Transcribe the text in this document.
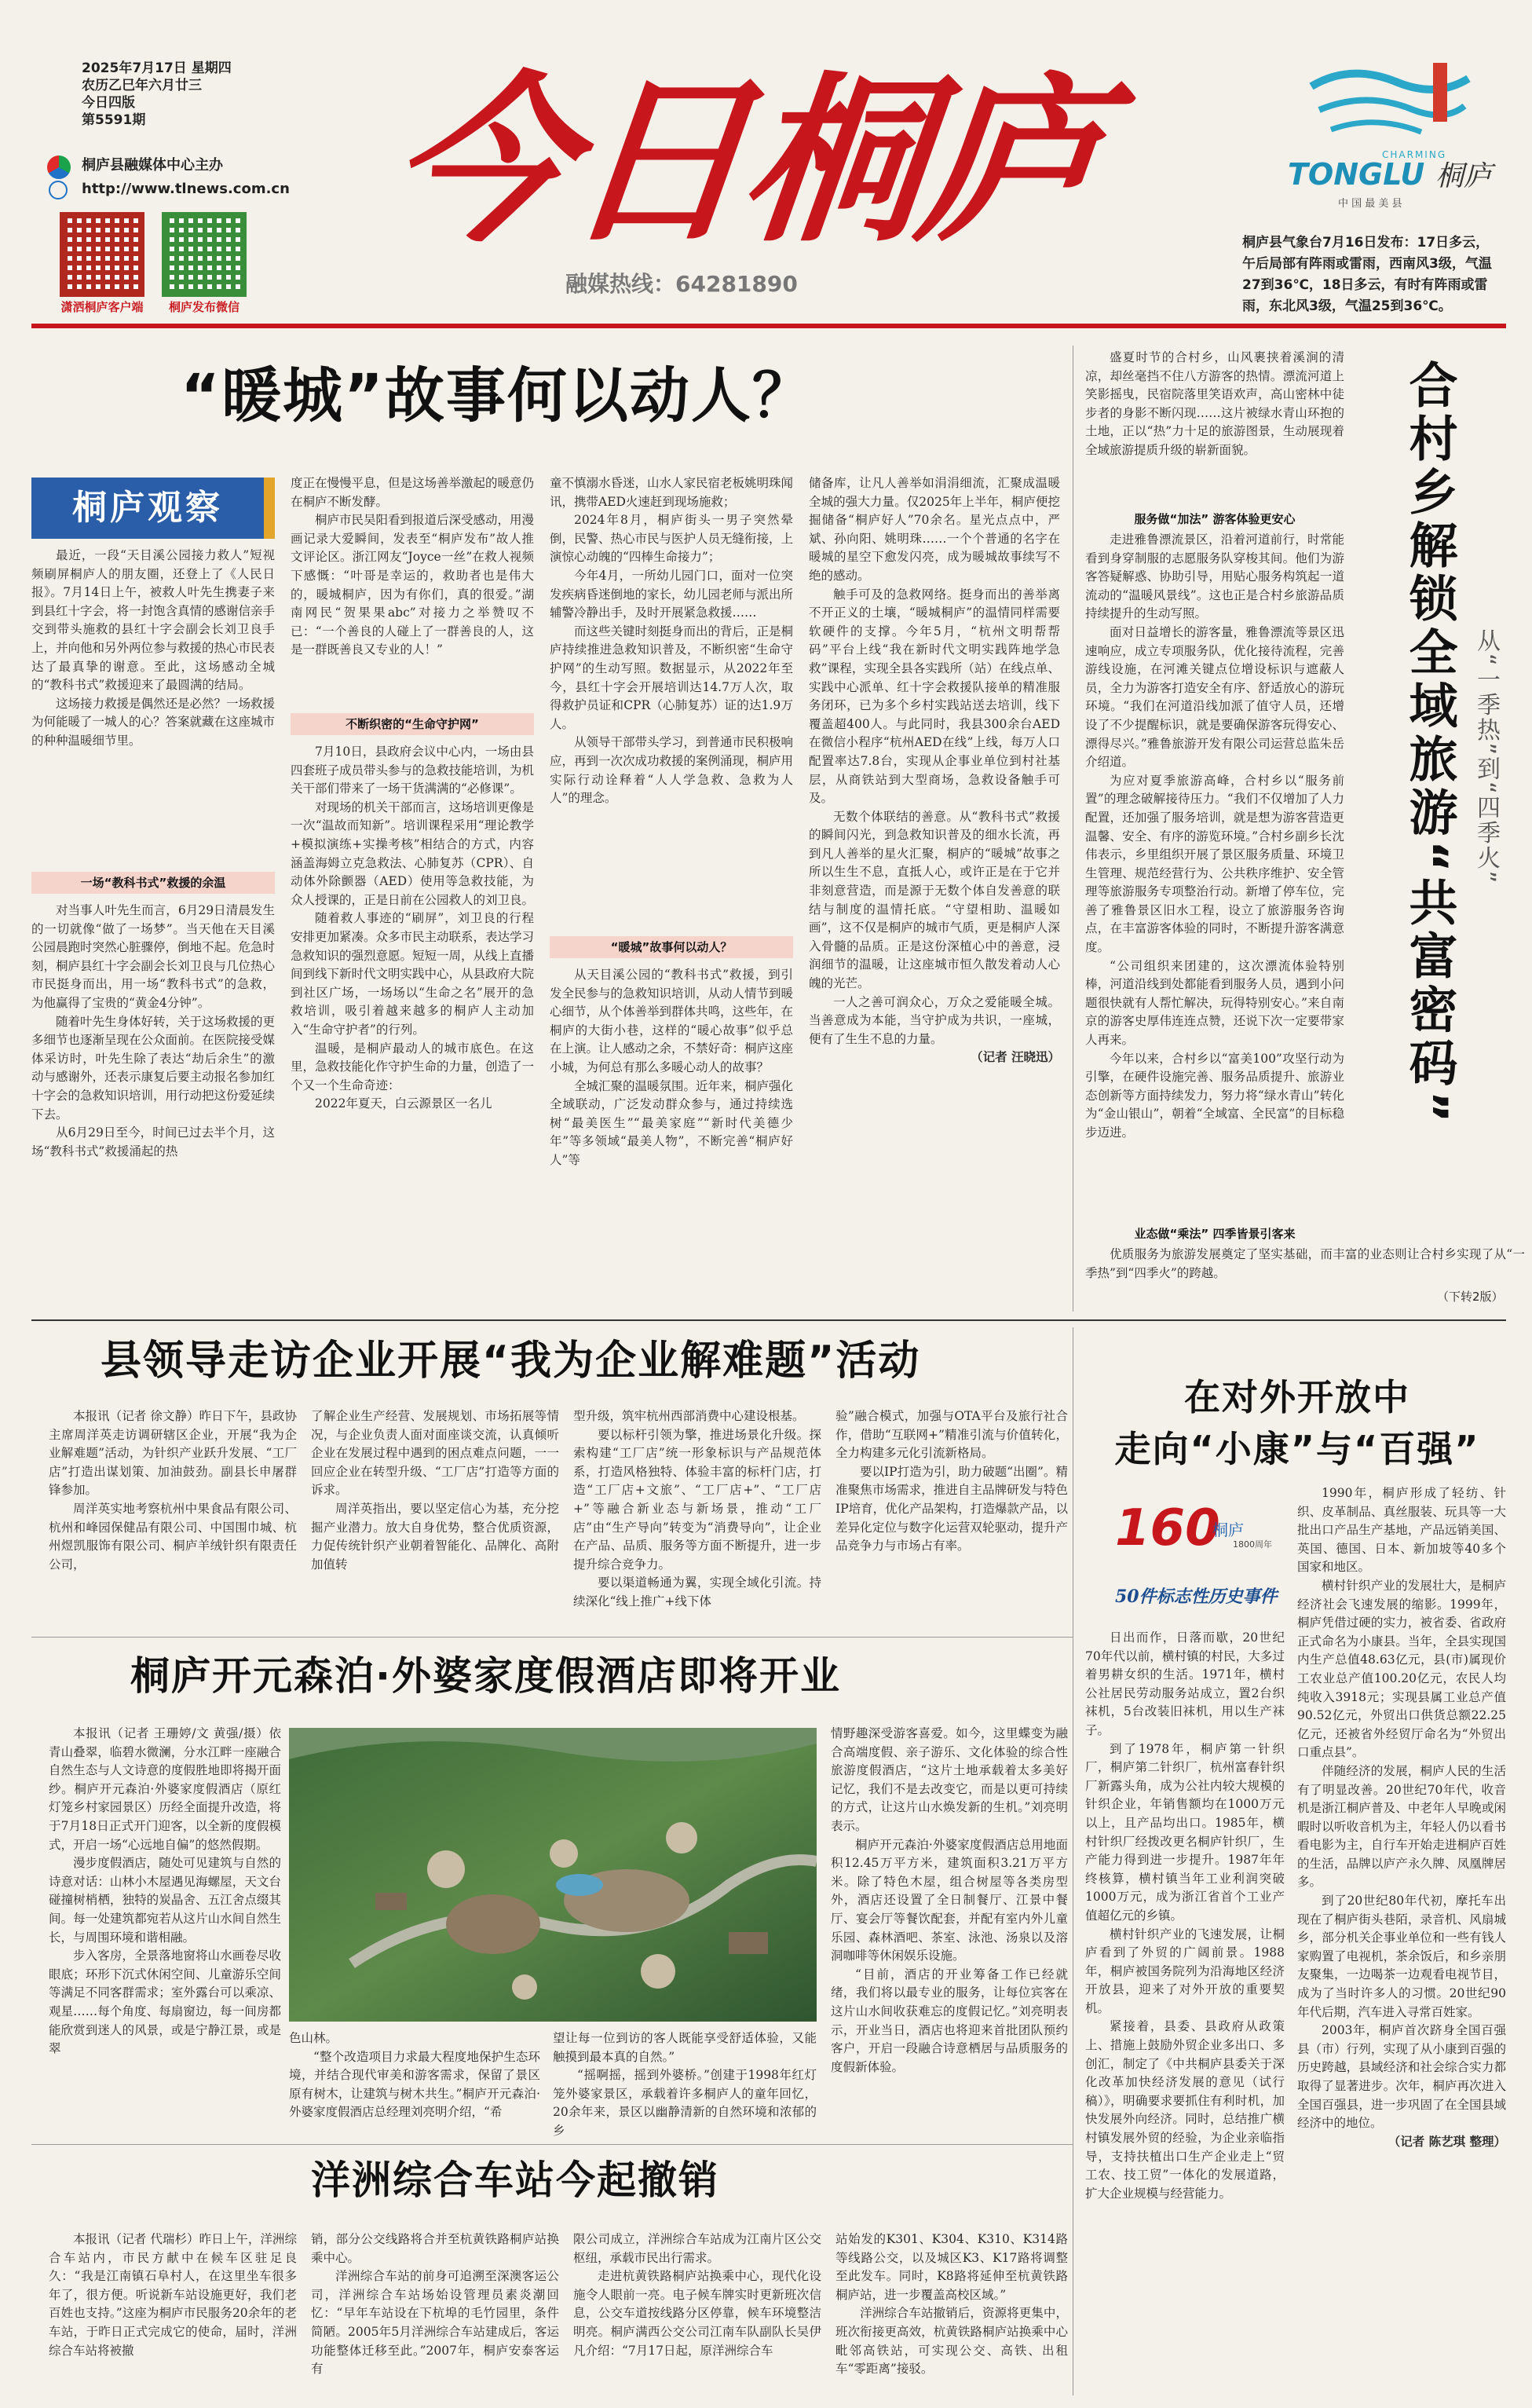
2025年7月17日 星期四
农历乙巳年六月廿三
今日四版
第5591期
桐庐县融媒体中心主办
http://www.tlnews.com.cn
潇洒桐庐客户端	桐庐发布微信
今日桐庐
融媒热线：64281890
CHARMING
TONGLU 桐庐
中 国 最 美 县
桐庐县气象台7月16日发布：17日多云，午后局部有阵雨或雷雨，西南风3级，气温27到36℃，18日多云，有时有阵雨或雷雨，东北风3级，气温25到36℃。
“暖城”故事何以动人？
桐庐观察

最近，一段“天目溪公园接力救人”短视频刷屏桐庐人的朋友圈，还登上了《人民日报》。7月14日上午，被救人叶先生携妻子来到县红十字会，将一封饱含真情的感谢信亲手交到带头施救的县红十字会副会长刘卫良手上，并向他和另外两位参与救援的热心市民表达了最真挚的谢意。至此，这场感动全城的“教科书式”救援迎来了最圆满的结局。

这场接力救援是偶然还是必然？一场救援为何能暖了一城人的心？答案就藏在这座城市的种种温暖细节里。

一场“教科书式”救援的余温

对当事人叶先生而言，6月29日清晨发生的一切就像“做了一场梦”。当天他在天目溪公园晨跑时突然心脏骤停，倒地不起。危急时刻，桐庐县红十字会副会长刘卫良与几位热心市民挺身而出，用一场“教科书式”的急救，为他赢得了宝贵的“黄金4分钟”。

随着叶先生身体好转，关于这场救援的更多细节也逐渐呈现在公众面前。在医院接受媒体采访时，叶先生除了表达“劫后余生”的激动与感谢外，还表示康复后要主动报名参加红十字会的急救知识培训，用行动把这份爱延续下去。

从6月29日至今，时间已过去半个月，这场“教科书式”救援涌起的热

度正在慢慢平息，但是这场善举激起的暖意仍在桐庐不断发酵。

桐庐市民吴阳看到报道后深受感动，用漫画记录大爱瞬间，发表至“桐庐发布”故人推文评论区。浙江网友“Joyce一丝”在救人视频下感慨：“叶哥是幸运的，救助者也是伟大的，暖城桐庐，因为有你们，真的很爱。”湖南网民“贺果果abc”对接力之举赞叹不已：“一个善良的人碰上了一群善良的人，这是一群既善良又专业的人！”

不断织密的“生命守护网”

7月10日，县政府会议中心内，一场由县四套班子成员带头参与的急救技能培训，为机关干部们带来了一场干货满满的“必修课”。

对现场的机关干部而言，这场培训更像是一次“温故而知新”。培训课程采用“理论教学+模拟演练+实操考核”相结合的方式，内容涵盖海姆立克急救法、心肺复苏（CPR）、自动体外除颤器（AED）使用等急救技能，为众人授课的，正是日前在公园救人的刘卫良。

随着救人事迹的“刷屏”，刘卫良的行程安排更加紧凑。众多市民主动联系，表达学习急救知识的强烈意愿。短短一周，从线上直播间到线下新时代文明实践中心，从县政府大院到社区广场，一场场以“生命之名”展开的急救培训，吸引着越来越多的桐庐人主动加入“生命守护者”的行列。

温暖，是桐庐最动人的城市底色。在这里，急救技能化作守护生命的力量，创造了一个又一个生命奇迹：

2022年夏天，白云源景区一名儿

童不慎溺水昏迷，山水人家民宿老板姚明珠闻讯，携带AED火速赶到现场施救；

2024年8月，桐庐街头一男子突然晕倒，民警、热心市民与医护人员无缝衔接，上演惊心动魄的“四棒生命接力”；

今年4月，一所幼儿园门口，面对一位突发疾病昏迷倒地的家长，幼儿园老师与派出所辅警冷静出手，及时开展紧急救援……

而这些关键时刻挺身而出的背后，正是桐庐持续推进急救知识普及，不断织密“生命守护网”的生动写照。数据显示，从2022年至今，县红十字会开展培训达14.7万人次，取得救护员证和CPR（心肺复苏）证的达1.9万人。

从领导干部带头学习，到普通市民积极响应，再到一次次成功救援的案例涌现，桐庐用实际行动诠释着“人人学急救、急救为人人”的理念。

“暖城”故事何以动人？

从天目溪公园的“教科书式”救援，到引发全民参与的急救知识培训，从动人情节到暖心细节，从个体善举到群体共鸣，这些年，在桐庐的大街小巷，这样的“暖心故事”似乎总在上演。让人感动之余，不禁好奇：桐庐这座小城，为何总有那么多暖心动人的故事？

全城汇聚的温暖氛围。近年来，桐庐强化全域联动，广泛发动群众参与，通过持续选树“最美医生”“最美家庭”“新时代美德少年”等多领域“最美人物”，不断完善“桐庐好人”等

储备库，让凡人善举如涓涓细流，汇聚成温暖全城的强大力量。仅2025年上半年，桐庐便挖掘储备“桐庐好人”70余名。星光点点中，严斌、孙向阳、姚明珠……一个个普通的名字在暖城的星空下愈发闪亮，成为暖城故事续写不绝的感动。

触手可及的急救网络。挺身而出的善举离不开正义的土壤，“暖城桐庐”的温情同样需要软硬件的支撑。今年5月，“杭州文明帮帮码”平台上线“我在新时代文明实践阵地学急救”课程，实现全县各实践所（站）在线点单、实践中心派单、红十字会救援队接单的精准服务闭环，已为多个乡村实践站送去培训，线下覆盖超400人。与此同时，我县300余台AED在微信小程序“杭州AED在线”上线，每万人口配置率达7.8台，实现从企事业单位到村社基层，从商铁站到大型商场，急救设备触手可及。

无数个体联结的善意。从“教科书式”救援的瞬间闪光，到急救知识普及的细水长流，再到凡人善举的星火汇聚，桐庐的“暖城”故事之所以生生不息，直抵人心，或许正是在于它并非刻意营造，而是源于无数个体自发善意的联结与制度的温情托底。“守望相助、温暖如画”，这不仅是桐庐的城市气质，更是桐庐人深入骨髓的品质。正是这份深植心中的善意，浸润细节的温暖，让这座城市恒久散发着动人心魄的光芒。

一人之善可润众心，万众之爱能暖全城。当善意成为本能，当守护成为共识，一座城，便有了生生不息的力量。

（记者 汪晓迅）

盛夏时节的合村乡，山风裹挟着溪涧的清凉，却丝毫挡不住八方游客的热情。漂流河道上笑影摇曳，民宿院落里笑语欢声，高山密林中徒步者的身影不断闪现……这片被绿水青山环抱的土地，正以“热”力十足的旅游图景，生动展现着全域旅游提质升级的崭新面貌。

服务做“加法” 游客体验更安心

走进雅鲁漂流景区，沿着河道前行，时常能看到身穿制服的志愿服务队穿梭其间。他们为游客答疑解惑、协助引导，用贴心服务构筑起一道流动的“温暖风景线”。这也正是合村乡旅游品质持续提升的生动写照。

面对日益增长的游客量，雅鲁漂流等景区迅速响应，成立专项服务队，优化接待流程，完善游线设施，在河滩关键点位增设标识与遮蔽人员，全力为游客打造安全有序、舒适放心的游玩环境。“我们在河道沿线加派了值守人员，还增设了不少提醒标识，就是要确保游客玩得安心、漂得尽兴。”雅鲁旅游开发有限公司运营总监朱岳介绍道。

为应对夏季旅游高峰，合村乡以“服务前置”的理念破解接待压力。“我们不仅增加了人力配置，还加强了服务培训，就是想为游客营造更温馨、安全、有序的游览环境。”合村乡副乡长沈伟表示，乡里组织开展了景区服务质量、环境卫生管理、规范经营行为、公共秩序维护、安全管理等旅游服务专项整治行动。新增了停车位，完善了雅鲁景区旧水工程，设立了旅游服务咨询点，在丰富游客体验的同时，不断提升游客满意度。

“公司组织来团建的，这次漂流体验特别棒，河道沿线到处都能看到服务人员，遇到小问题很快就有人帮忙解决，玩得特别安心。”来自南京的游客史厚伟连连点赞，还说下次一定要带家人再来。

今年以来，合村乡以“富美100”攻坚行动为引擎，在硬件设施完善、服务品质提升、旅游业态创新等方面持续发力，努力将“绿水青山”转化为“金山银山”，朝着“全域富、全民富”的目标稳步迈进。

业态做“乘法” 四季皆景引客来

优质服务为旅游发展奠定了坚实基础，而丰富的业态则让合村乡实现了从“一季热”到“四季火”的跨越。

（下转2版）
合村乡解锁全域旅游“共富密码” 从“一季热”到“四季火”
县领导走访企业开展“我为企业解难题”活动

本报讯（记者 徐文静）昨日下午，县政协主席周洋英走访调研辖区企业，开展“我为企业解难题”活动，为针织产业跃升发展、“工厂店”打造出谋划策、加油鼓劲。副县长申屠群锋参加。

周洋英实地考察杭州中果食品有限公司、杭州和峰园保健品有限公司、中国围巾城、杭州煜凯服饰有限公司、桐庐羊绒针织有限责任公司，

了解企业生产经营、发展规划、市场拓展等情况，与企业负责人面对面座谈交流，认真倾听企业在发展过程中遇到的困点难点问题，一一回应企业在转型升级、“工厂店”打造等方面的诉求。

周洋英指出，要以坚定信心为基，充分挖掘产业潜力。放大自身优势，整合优质资源，力促传统针织产业朝着智能化、品牌化、高附加值转

型升级，筑牢杭州西部消费中心建设根基。

要以标杆引领为擎，推进场景化升级。探索构建“工厂店”统一形象标识与产品规范体系，打造风格独特、体验丰富的标杆门店，打造“工厂店+文旅”、“工厂店+”、“工厂店+”等融合新业态与新场景，推动“工厂店”由“生产导向”转变为“消费导向”，让企业在产品、品质、服务等方面不断提升，进一步提升综合竞争力。

要以渠道畅通为翼，实现全域化引流。持续深化“线上推广+线下体

验”融合模式，加强与OTA平台及旅行社合作，借助“互联网+”精准引流与价值转化，全力构建多元化引流新格局。

要以IP打造为引，助力破题“出圈”。精准聚焦市场需求，推进自主品牌研发与特色IP培育，优化产品架构，打造爆款产品，以差异化定位与数字化运营双轮驱动，提升产品竞争力与市场占有率。

桐庐开元森泊·外婆家度假酒店即将开业

本报讯（记者 王珊婷/文 黄强/摄）依青山叠翠，临碧水微澜，分水江畔一座融合自然生态与人文诗意的度假胜地即将揭开面纱。桐庐开元森泊·外婆家度假酒店（原红灯笼乡村家园景区）历经全面提升改造，将于7月18日正式开门迎客，以全新的度假模式，开启一场“心远地自偏”的悠然假期。

漫步度假酒店，随处可见建筑与自然的诗意对话：山林小木屋遇见海螺屋，天文台碰撞树梢栖，独特的炭晶舍、五江舍点缀其间。每一处建筑都宛若从这片山水间自然生长，与周围环境和谐相融。

步入客房，全景落地窗将山水画卷尽收眼底；环形下沉式休闲空间、儿童游乐空间等满足不同客群需求；室外露台可以乘凉、观星……每个角度、每扇窗边，每一间房都能欣赏到迷人的风景，或是宁静江景，或是翠

色山林。

“整个改造项目力求最大程度地保护生态环境，并结合现代审美和游客需求，保留了景区原有树木，让建筑与树木共生。”桐庐开元森泊·外婆家度假酒店总经理刘亮明介绍，“希

望让每一位到访的客人既能享受舒适体验，又能触摸到最本真的自然。”

“摇啊摇，摇到外婆桥。”创建于1998年红灯笼外婆家景区，承载着许多桐庐人的童年回忆，20余年来，景区以幽静清新的自然环境和浓郁的乡

情野趣深受游客喜爱。如今，这里蝶变为融合高端度假、亲子游乐、文化体验的综合性旅游度假酒店，“这片土地承载着太多美好记忆，我们不是去改变它，而是以更可持续的方式，让这片山水焕发新的生机。”刘亮明表示。

桐庐开元森泊·外婆家度假酒店总用地面积12.45万平方米，建筑面积3.21万平方米。除了特色木屋，组合树屋等各类房型外，酒店还设置了全日制餐厅、江景中餐厅、宴会厅等餐饮配套，并配有室内外儿童乐园、森林酒吧、茶室、泳池、汤泉以及溶洞咖啡等休闲娱乐设施。

“目前，酒店的开业筹备工作已经就绪，我们将以最专业的服务，让每位宾客在这片山水间收获难忘的度假记忆。”刘亮明表示，开业当日，酒店也将迎来首批团队预约客户，开启一段融合诗意栖居与品质服务的度假新体验。

洋洲综合车站今起撤销

本报讯（记者 代瑞杉）昨日上午，洋洲综合车站内，市民方献中在候车区驻足良久：“我是江南镇石阜村人，在这里坐车很多年了，很方便。听说新车站设施更好，我们老百姓也支持。”这座为桐庐市民服务20余年的老车站，于昨日正式完成它的使命，届时，洋洲综合车站将被撤

销，部分公交线路将合并至杭黄铁路桐庐站换乘中心。

洋洲综合车站的前身可追溯至深澳客运公司，洋洲综合车站场始设管理员素炎潮回忆：“早年车站设在下杭埠的毛竹园里，条件简陋。2005年5月洋洲综合车站建成后，客运功能整体迁移至此。”2007年，桐庐安泰客运有

限公司成立，洋洲综合车站成为江南片区公交枢纽，承载市民出行需求。

走进杭黄铁路桐庐站换乘中心，现代化设施令人眼前一亮。电子候车牌实时更新班次信息，公交车道按线路分区停靠，候车环境整洁明亮。桐庐满西公交公司江南车队副队长吴伊凡介绍：“7月17日起，原洋洲综合车

站始发的K301、K304、K310、K314路等线路公交，以及城区K3、K17路将调整至此发车。同时，K8路将延伸至杭黄铁路桐庐站，进一步覆盖高校区域。”

洋洲综合车站撤销后，资源将更集中，班次衔接更高效，杭黄铁路桐庐站换乘中心毗邻高铁站，可实现公交、高铁、出租车“零距离”接驳。

在对外开放中
走向“小康”与“百强”
160
桐庐
1800周年
50件标志性历史事件

日出而作，日落而歇，20世纪70年代以前，横村镇的村民，大多过着男耕女织的生活。1971年，横村公社居民劳动服务站成立，置2台织袜机，5台改装旧袜机，用以生产袜子。

到了1978年，桐庐第一针织厂，桐庐第二针织厂，杭州富春针织厂新露头角，成为公社内较大规模的针织企业，年销售额均在1000万元以上，且产品均出口。1985年，横村针织厂经拨改更名桐庐针织厂，生产能力得到进一步提升。1987年年终核算，横村镇当年工业利润突破1000万元，成为浙江省首个工业产值超亿元的乡镇。

横村针织产业的飞速发展，让桐庐看到了外贸的广阔前景。1988年，桐庐被国务院列为沿海地区经济开放县，迎来了对外开放的重要契机。

紧接着，县委、县政府从政策上、措施上鼓励外贸企业多出口、多创汇，制定了《中共桐庐县委关于深化改革加快经济发展的意见（试行稿）》，明确要求要抓住有利时机，加快发展外向经济。同时，总结推广横村镇发展外贸的经验，为企业亲临指导，支持扶植出口生产企业走上“贸工农、技工贸”一体化的发展道路，扩大企业规模与经营能力。

1990年，桐庐形成了轻纺、针织、皮革制品、真丝服装、玩具等一大批出口产品生产基地，产品远销美国、英国、德国、日本、新加坡等40多个国家和地区。

横村针织产业的发展壮大，是桐庐经济社会飞速发展的缩影。1999年，桐庐凭借过硬的实力，被省委、省政府正式命名为小康县。当年，全县实现国内生产总值48.63亿元，县(市)属现价工农业总产值100.20亿元，农民人均纯收入3918元；实现县属工业总产值90.52亿元，外贸出口供货总额22.25亿元，还被省外经贸厅命名为“外贸出口重点县”。

伴随经济的发展，桐庐人民的生活有了明显改善。20世纪70年代，收音机是浙江桐庐普及、中老年人早晚或闲暇时以听收音机为主，年轻人仍以看书看电影为主，自行车开始走进桐庐百姓的生活，品牌以庐产永久牌、凤凰牌居多。

到了20世纪80年代初，摩托车出现在了桐庐街头巷陌，录音机、风扇城乡，部分机关企事业单位和一些有钱人家购置了电视机，茶余饭后，和乡亲朋友聚集，一边喝茶一边观看电视节目，成为了当时许多人的习惯。20世纪90年代后期，汽车进入寻常百姓家。

2003年，桐庐首次跻身全国百强县（市）行列，实现了从小康到百强的历史跨越，县域经济和社会综合实力都取得了显著进步。次年，桐庐再次进入全国百强县，进一步巩固了在全国县域经济中的地位。

（记者 陈艺琪 整理）
